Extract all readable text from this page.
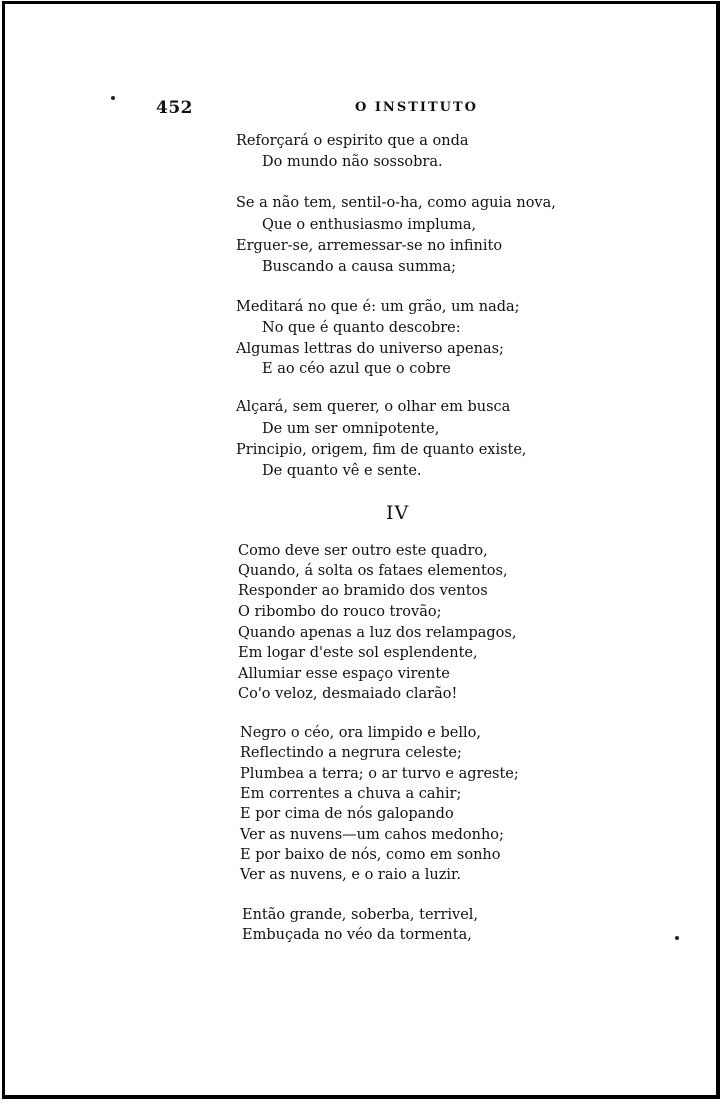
452	O INSTITUTO
Reforçará o espirito que a onda
Do mundo não sossobra.
Se a não tem, sentil-o-ha, como aguia nova,
Que o enthusiasmo impluma,
Erguer-se, arremessar-se no infinito
Buscando a causa summa;
Meditará no que é: um grão, um nada;
No que é quanto descobre:
Algumas lettras do universo apenas;
E ao céo azul que o cobre
Alçará, sem querer, o olhar em busca
De um ser omnipotente,
Principio, origem, fim de quanto existe,
De quanto vê e sente.
IV
Como deve ser outro este quadro,
Quando, á solta os fataes elementos,
Responder ao bramido dos ventos
O ribombo do rouco trovão;
Quando apenas a luz dos relampagos,
Em logar d'este sol esplendente,
Allumiar esse espaço virente
Co'o veloz, desmaiado clarão!
Negro o céo, ora limpido e bello,
Reflectindo a negrura celeste;
Plumbea a terra; o ar turvo e agreste;
Em correntes a chuva a cahir;
E por cima de nós galopando
Ver as nuvens—um cahos medonho;
E por baixo de nós, como em sonho
Ver as nuvens, e o raio a luzir.
Então grande, soberba, terrivel,
Embuçada no véo da tormenta,
